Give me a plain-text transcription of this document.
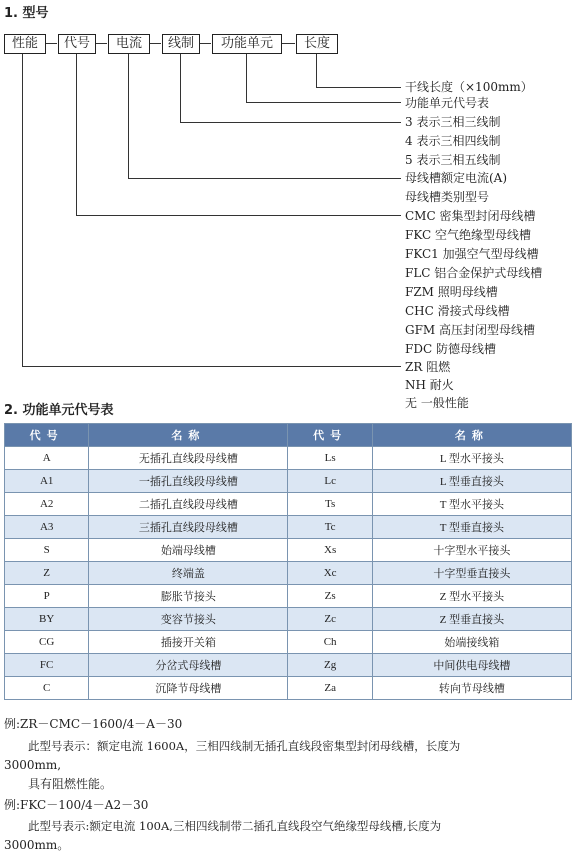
1. 型号
性能	代号	电流	线制	功能单元	长度
干线长度（×100mm）
功能单元代号表
3 表示三相三线制
4 表示三相四线制
5 表示三相五线制
母线槽额定电流(A)
母线槽类别型号
CMC 密集型封闭母线槽
FKC 空气绝缘型母线槽
FKC1 加强空气型母线槽
FLC 铝合金保护式母线槽
FZM 照明母线槽
CHC 滑接式母线槽
GFM 高压封闭型母线槽
FDC 防德母线槽
ZR 阻燃
NH 耐火
无 一般性能
2. 功能单元代号表
代号	名称	代号	名称
A	无插孔直线段母线槽	Ls	L 型水平接头
A1	一插孔直线段母线槽	Lc	L 型垂直接头
A2	二插孔直线段母线槽	Ts	T 型水平接头
A3	三插孔直线段母线槽	Tc	T 型垂直接头
S	始端母线槽	Xs	十字型水平接头
Z	终端盖	Xc	十字型垂直接头
P	膨胀节接头	Zs	Z 型水平接头
BY	变容节接头	Zc	Z 型垂直接头
CG	插接开关箱	Ch	始端接线箱
FC	分岔式母线槽	Zg	中间供电母线槽
C	沉降节母线槽	Za	转向节母线槽
例:ZR－CMC－1600/4－A－30
此型号表示：额定电流 1600A，三相四线制无插孔直线段密集型封闭母线槽，长度为
3000mm,
具有阻燃性能。
例:FKC－100/4－A2－30
此型号表示:额定电流 100A,三相四线制带二插孔直线段空气绝缘型母线槽,长度为
3000mm。
